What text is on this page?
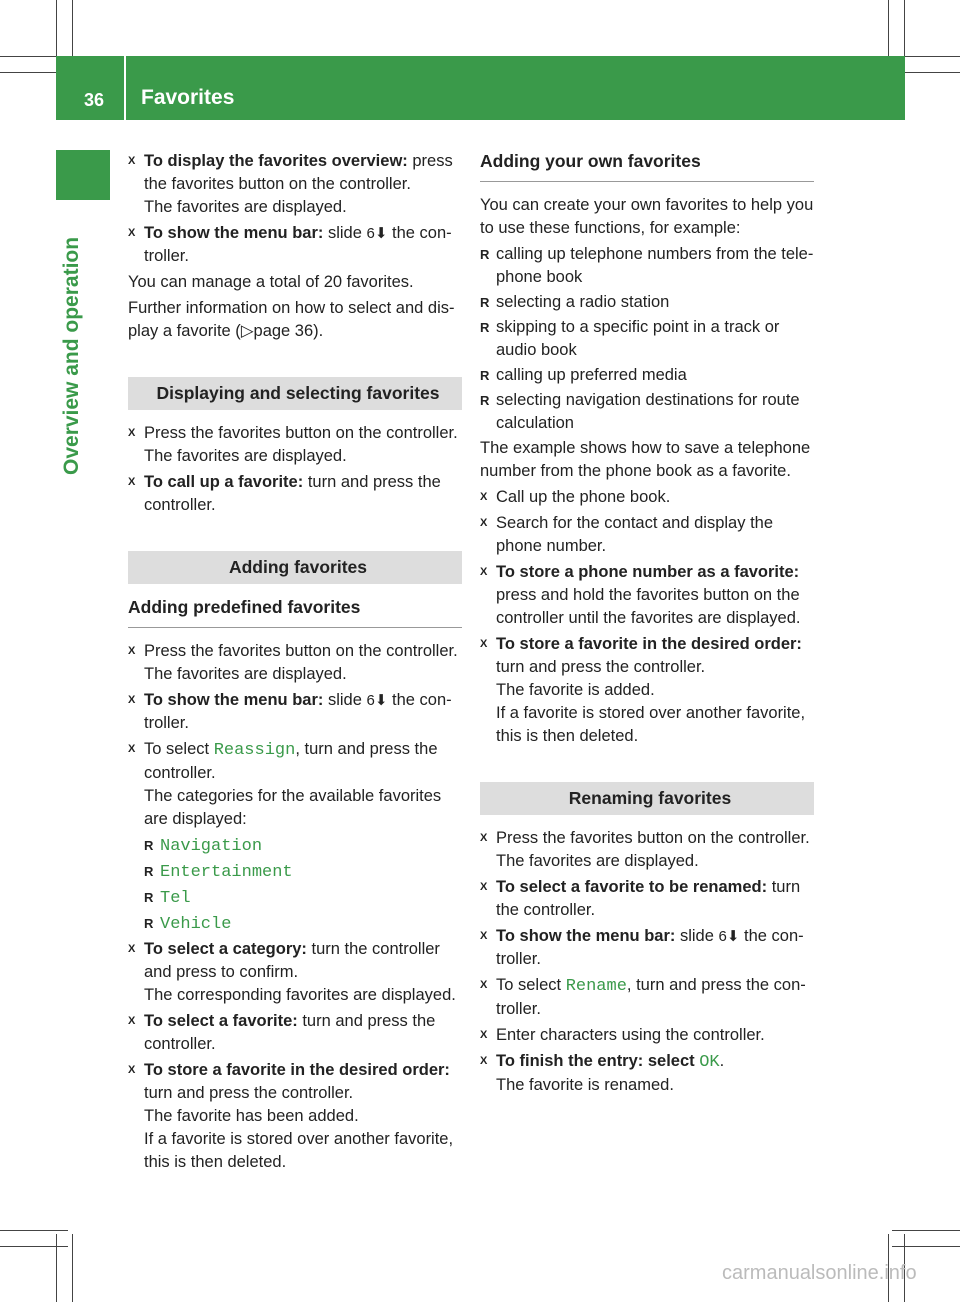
36 Favorites
Overview and operation
X To display the favorites overview: press the favorites button on the controller.
The favorites are displayed.
X To show the menu bar: slide 6⬇ the con-troller.
You can manage a total of 20 favorites.
Further information on how to select and dis-play a favorite (▷page 36).
Displaying and selecting favorites
X Press the favorites button on the controller.
The favorites are displayed.
X To call up a favorite: turn and press the controller.
Adding favorites
Adding predefined favorites
X Press the favorites button on the controller.
The favorites are displayed.
X To show the menu bar: slide 6⬇ the con-troller.
X To select Reassign, turn and press the controller.
The categories for the available favorites are displayed:
R Navigation
R Entertainment
R Tel
R Vehicle
X To select a category: turn the controller and press to confirm.
The corresponding favorites are displayed.
X To select a favorite: turn and press the controller.
X To store a favorite in the desired order: turn and press the controller.
The favorite has been added.
If a favorite is stored over another favorite, this is then deleted.
Adding your own favorites
You can create your own favorites to help you to use these functions, for example:
R calling up telephone numbers from the tele-phone book
R selecting a radio station
R skipping to a specific point in a track or audio book
R calling up preferred media
R selecting navigation destinations for route calculation
The example shows how to save a telephone number from the phone book as a favorite.
X Call up the phone book.
X Search for the contact and display the phone number.
X To store a phone number as a favorite: press and hold the favorites button on the controller until the favorites are displayed.
X To store a favorite in the desired order: turn and press the controller.
The favorite is added.
If a favorite is stored over another favorite, this is then deleted.
Renaming favorites
X Press the favorites button on the controller.
The favorites are displayed.
X To select a favorite to be renamed: turn the controller.
X To show the menu bar: slide 6⬇ the con-troller.
X To select Rename, turn and press the con-troller.
X Enter characters using the controller.
X To finish the entry: select OK.
The favorite is renamed.
carmanualsonline.info
